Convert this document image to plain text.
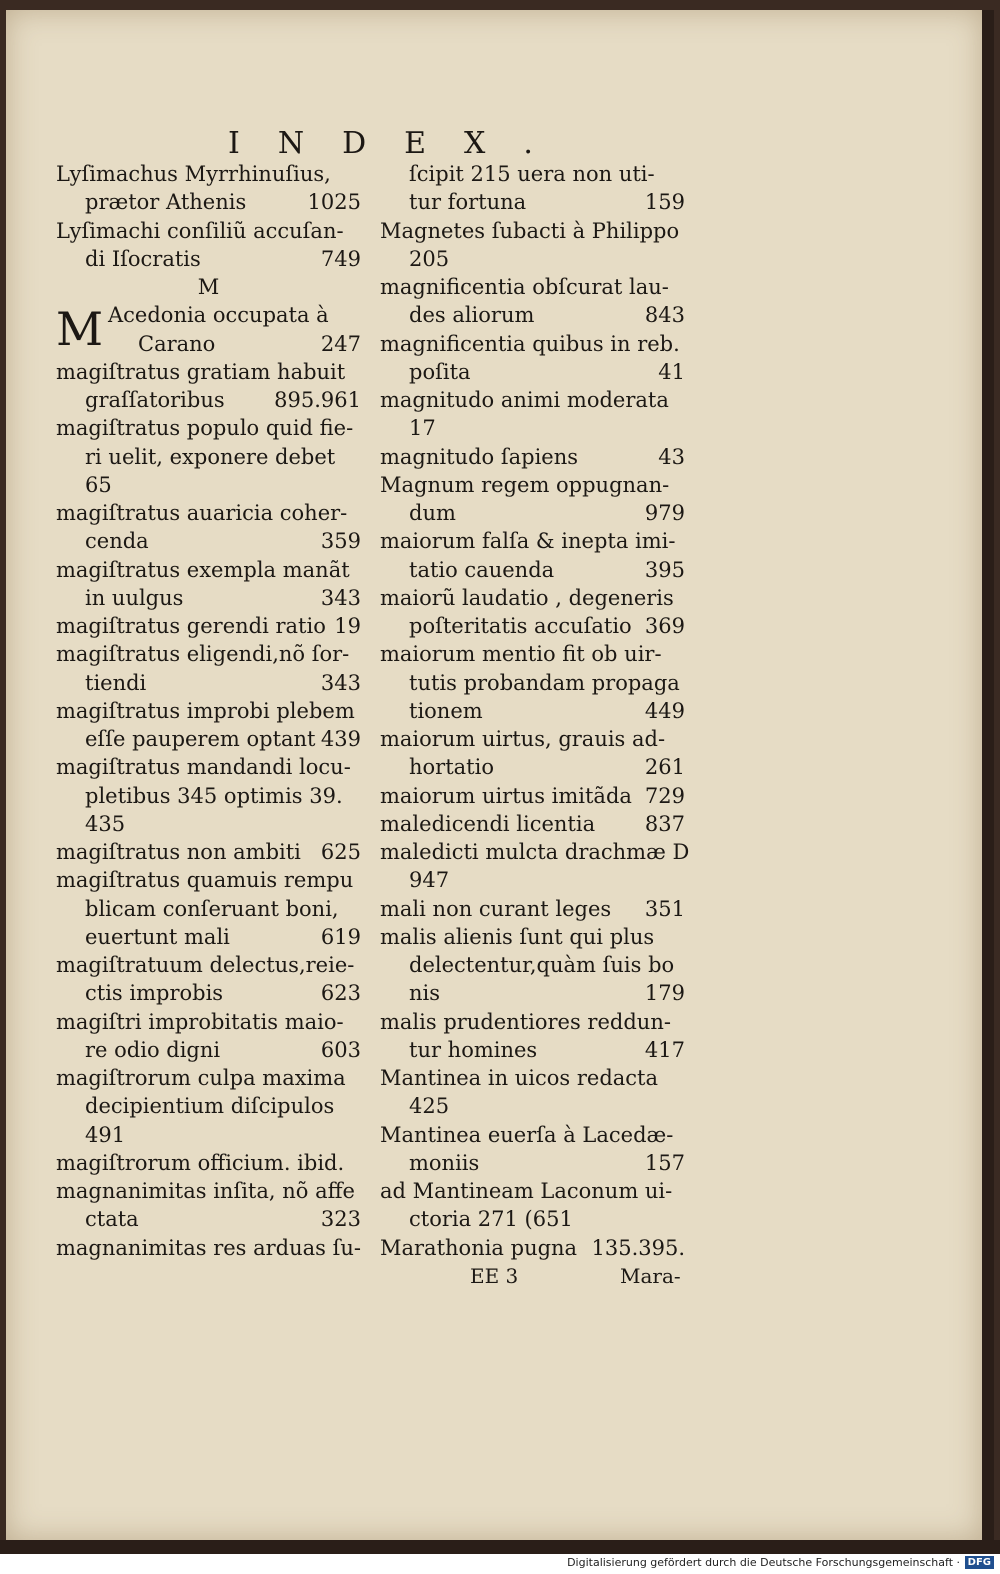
INDEX.
Lyſimachus Myrrhinuſius,
prætor Athenis	1025
Lyſimachi conſiliũ accuſan-
di Iſocratis	749
M
M Acedonia occupata à
Carano	247
magiſtratus gratiam habuit
graſſatoribus 895.961
magiſtratus populo quid fie-
ri uelit, exponere debet
65
magiſtratus auaricia coher-
cenda	359
magiſtratus exempla manãt
in uulgus	343
magiſtratus gerendi ratio 19
magiſtratus eligendi,nõ ſor-
tiendi	343
magiſtratus improbi plebem
eſſe pauperem optant 439
magiſtratus mandandi locu-
pletibus 345 optimis 39.
435
magiſtratus non ambiti 625
magiſtratus quamuis rempu
blicam conſeruant boni,
euertunt mali	619
magiſtratuum delectus,reie-
ctis improbis	623
magiſtri improbitatis maio-
re odio digni	603
magiſtrorum culpa maxima
decipientium diſcipulos
491
magiſtrorum officium. ibid.
magnanimitas inſita, nõ affe
ctata	323
magnanimitas res arduas ſu-
ſcipit 215 uera non uti-
tur fortuna	159
Magnetes ſubacti à Philippo
205
magnificentia obſcurat lau-
des aliorum	843
magnificentia quibus in reb.
poſita	41
magnitudo animi moderata
17
magnitudo ſapiens	43
Magnum regem oppugnan-
dum	979
maiorum falſa & inepta imi-
tatio cauenda	395
maiorũ laudatio , degeneris
poſteritatis accuſatio 369
maiorum mentio fit ob uir-
tutis probandam propaga
tionem	449
maiorum uirtus, grauis ad-
hortatio	261
maiorum uirtus imitãda 729
maledicendi licentia 837
maledicti mulcta drachmæ D
947
mali non curant leges 351
malis alienis ſunt qui plus
delectentur,quàm ſuis bo
nis	179
malis prudentiores reddun-
tur homines	417
Mantinea in uicos redacta
425
Mantinea euerſa à Lacedæ-
moniis	157
ad Mantineam Laconum ui-
ctoria 271 (651
Marathonia pugna 135.395.
EE 3	Mara-
Digitalisierung gefördert durch die Deutsche Forschungsgemeinschaft · DFG
